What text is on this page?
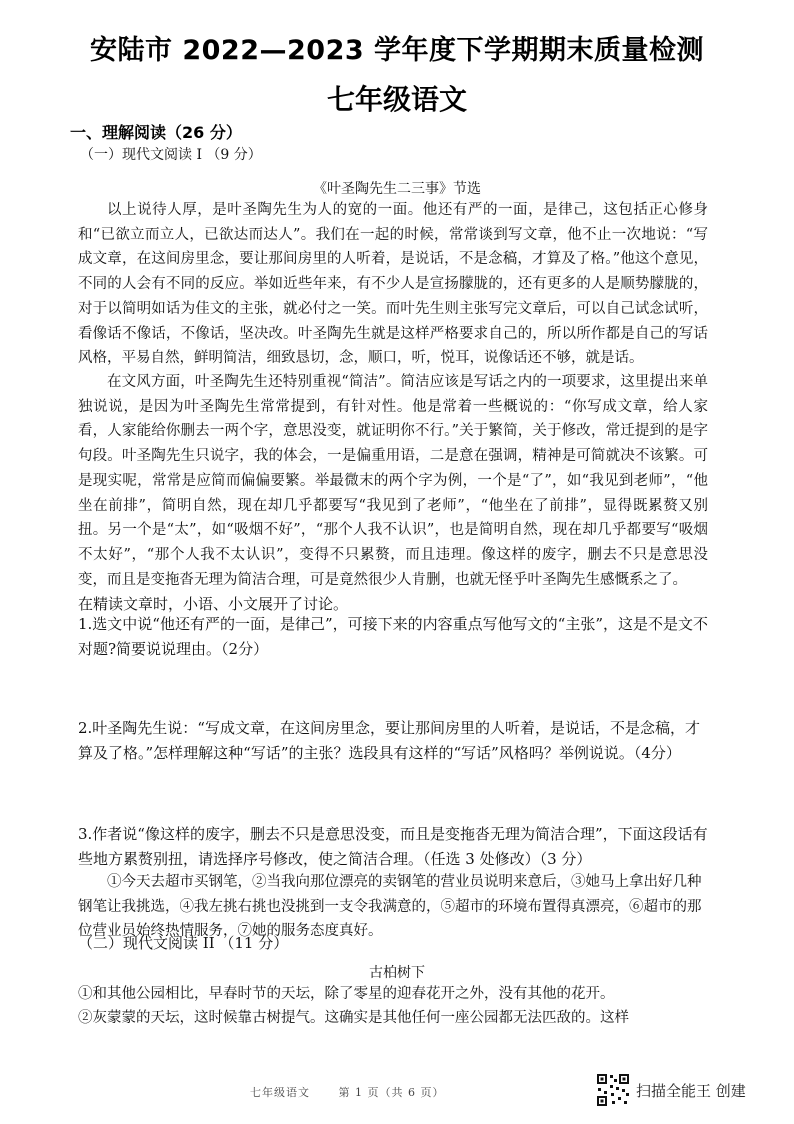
安陆市 2022—2023 学年度下学期期末质量检测
七年级语文
一、理解阅读（26 分）
（一）现代文阅读 I （9 分）
《叶圣陶先生二三事》节选

以上说待人厚，是叶圣陶先生为人的宽的一面。他还有严的一面，是律己，这包括正心修身和“已欲立而立人，已欲达而达人”。我们在一起的时候，常常谈到写文章，他不止一次地说：“写成文章，在这间房里念，要让那间房里的人听着，是说话，不是念稿，才算及了格。”他这个意见，不同的人会有不同的反应。举如近些年来，有不少人是宣扬朦胧的，还有更多的人是顺势朦胧的，对于以简明如话为佳文的主张，就必付之一笑。而叶先生则主张写完文章后，可以自己试念试听，看像话不像话，不像话，坚决改。叶圣陶先生就是这样严格要求自己的，所以所作都是自己的写话风格，平易自然，鲜明简洁，细致恳切，念，顺口，听，悦耳，说像话还不够，就是话。

在文风方面，叶圣陶先生还特别重视“简洁”。简洁应该是写话之内的一项要求，这里提出来单独说说，是因为叶圣陶先生常常提到，有针对性。他是常着一些概说的：“你写成文章，给人家看，人家能给你删去一两个字，意思没变，就证明你不行。”关于繁简，关于修改，常迁提到的是字句段。叶圣陶先生只说字，我的体会，一是偏重用语，二是意在强调，精神是可简就决不该繁。可是现实呢，常常是应简而偏偏要繁。举最微末的两个字为例，一个是“了”，如“我见到老师”，“他坐在前排”，简明自然，现在却几乎都要写“我见到了老师”，“他坐在了前排”，显得既累赘又别扭。另一个是“太”，如“吸烟不好”，“那个人我不认识”，也是简明自然，现在却几乎都要写“吸烟不太好”，“那个人我不太认识”，变得不只累赘，而且违理。像这样的废字，删去不只是意思没变，而且是变拖沓无理为简洁合理，可是竟然很少人肯删，也就无怪乎叶圣陶先生感慨系之了。

在精读文章时，小语、小文展开了讨论。

1.选文中说“他还有严的一面，是律己”，可接下来的内容重点写他写文的“主张”，这是不是文不对题?简要说说理由。（2分）

2.叶圣陶先生说：“写成文章，在这间房里念，要让那间房里的人听着，是说话，不是念稿，才算及了格。”怎样理解这种“写话”的主张？选段具有这样的“写话”风格吗？举例说说。（4分）

3.作者说“像这样的废字，删去不只是意思没变，而且是变拖沓无理为简洁合理”，下面这段话有些地方累赘别扭，请选择序号修改，使之简洁合理。（任选 3 处修改）（3 分）

①今天去超市买钢笔，②当我向那位漂亮的卖钢笔的营业员说明来意后，③她马上拿出好几种钢笔让我挑选，④我左挑右挑也没挑到一支令我满意的，⑤超市的环境布置得真漂亮，⑥超市的那位营业员始终热情服务，⑦她的服务态度真好。

（二）现代文阅读 II （11 分）
古柏树下

①和其他公园相比，早春时节的天坛，除了零星的迎春花开之外，没有其他的花开。

②灰蒙蒙的天坛，这时候靠古树提气。这确实是其他任何一座公园都无法匹敌的。这样

七年级语文	第 1 页（共 6 页）	扫描全能王 创建
